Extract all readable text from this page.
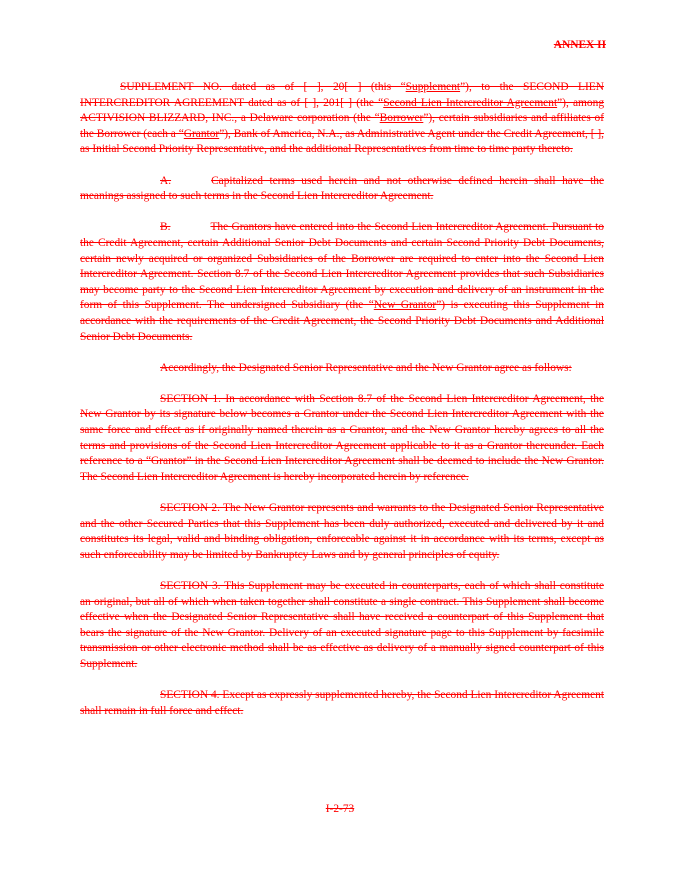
ANNEX II

SUPPLEMENT NO. dated as of [ ], 20[ ] (this “Supplement”), to the SECOND LIEN INTERCREDITOR AGREEMENT dated as of [ ], 201[ ] (the “Second Lien Intercreditor Agreement”), among ACTIVISION BLIZZARD, INC., a Delaware corporation (the “Borrower”), certain subsidiaries and affiliates of the Borrower (each a “Grantor”), Bank of America, N.A., as Administrative Agent under the Credit Agreement, [ ], as Initial Second Priority Representative, and the additional Representatives from time to time party thereto.

A.	Capitalized terms used herein and not otherwise defined herein shall have the meanings assigned to such terms in the Second Lien Intercreditor Agreement.

B.	The Grantors have entered into the Second Lien Intercreditor Agreement. Pursuant to the Credit Agreement, certain Additional Senior Debt Documents and certain Second Priority Debt Documents, certain newly acquired or organized Subsidiaries of the Borrower are required to enter into the Second Lien Intercreditor Agreement. Section 8.7 of the Second Lien Intercreditor Agreement provides that such Subsidiaries may become party to the Second Lien Intercreditor Agreement by execution and delivery of an instrument in the form of this Supplement. The undersigned Subsidiary (the “New Grantor”) is executing this Supplement in accordance with the requirements of the Credit Agreement, the Second Priority Debt Documents and Additional Senior Debt Documents.

Accordingly, the Designated Senior Representative and the New Grantor agree as follows:

SECTION 1. In accordance with Section 8.7 of the Second Lien Intercreditor Agreement, the New Grantor by its signature below becomes a Grantor under the Second Lien Intercreditor Agreement with the same force and effect as if originally named therein as a Grantor, and the New Grantor hereby agrees to all the terms and provisions of the Second Lien Intercreditor Agreement applicable to it as a Grantor thereunder. Each reference to a “Grantor” in the Second Lien Intercreditor Agreement shall be deemed to include the New Grantor. The Second Lien Intercreditor Agreement is hereby incorporated herein by reference.

SECTION 2. The New Grantor represents and warrants to the Designated Senior Representative and the other Secured Parties that this Supplement has been duly authorized, executed and delivered by it and constitutes its legal, valid and binding obligation, enforceable against it in accordance with its terms, except as such enforceability may be limited by Bankruptcy Laws and by general principles of equity.

SECTION 3. This Supplement may be executed in counterparts, each of which shall constitute an original, but all of which when taken together shall constitute a single contract. This Supplement shall become effective when the Designated Senior Representative shall have received a counterpart of this Supplement that bears the signature of the New Grantor. Delivery of an executed signature page to this Supplement by facsimile transmission or other electronic method shall be as effective as delivery of a manually signed counterpart of this Supplement.

SECTION 4. Except as expressly supplemented hereby, the Second Lien Intercreditor Agreement shall remain in full force and effect.

I-2-73
